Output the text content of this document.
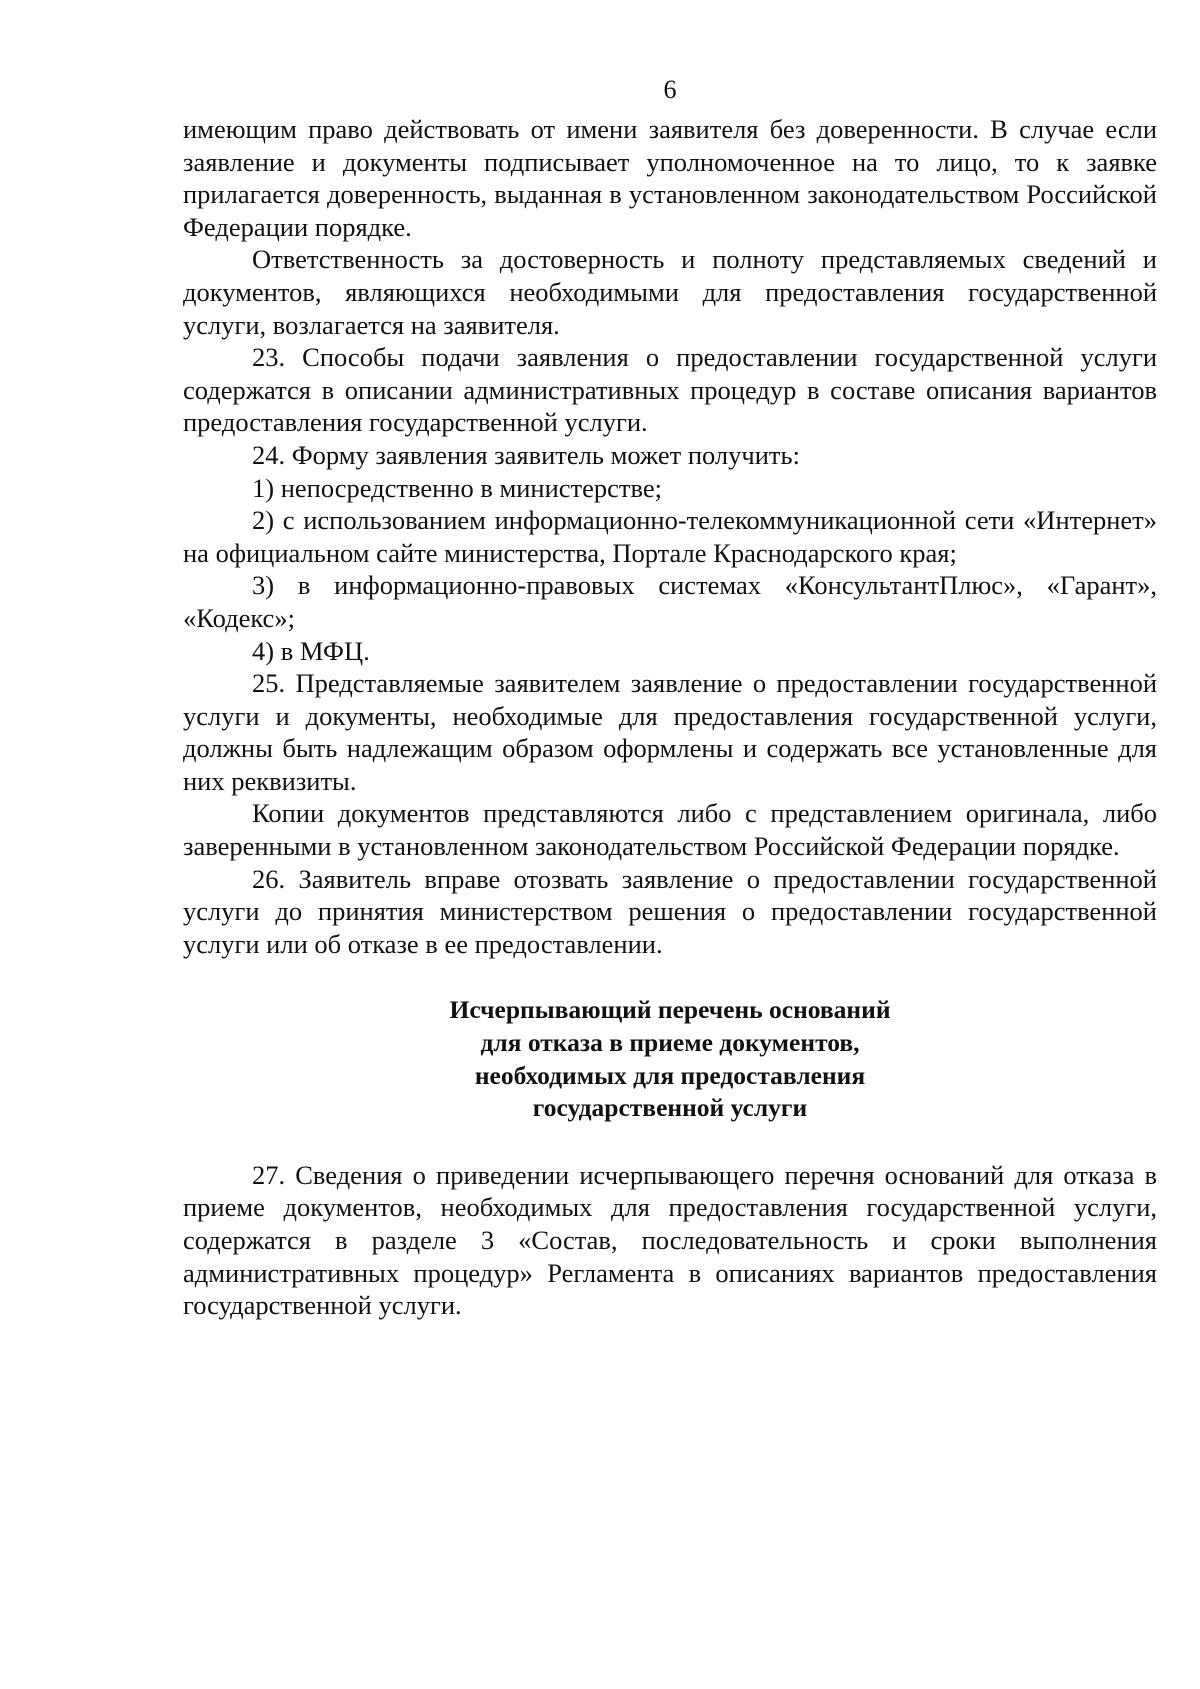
6

имеющим право действовать от имени заявителя без доверенности. В случае если заявление и документы подписывает уполномоченное на то лицо, то к заявке прилагается доверенность, выданная в установленном законодательством Российской Федерации порядке.

Ответственность за достоверность и полноту представляемых сведений и документов, являющихся необходимыми для предоставления государственной услуги, возлагается на заявителя.

23. Способы подачи заявления о предоставлении государственной услуги содержатся в описании административных процедур в составе описания вариантов предоставления государственной услуги.

24. Форму заявления заявитель может получить:

1) непосредственно в министерстве;

2) с использованием информационно-телекоммуникационной сети «Интернет» на официальном сайте министерства, Портале Краснодарского края;

3) в информационно-правовых системах «КонсультантПлюс», «Гарант», «Кодекс»;

4) в МФЦ.

25. Представляемые заявителем заявление о предоставлении государственной услуги и документы, необходимые для предоставления государственной услуги, должны быть надлежащим образом оформлены и содержать все установленные для них реквизиты.

Копии документов представляются либо с представлением оригинала, либо заверенными в установленном законодательством Российской Федерации порядке.

26. Заявитель вправе отозвать заявление о предоставлении государственной услуги до принятия министерством решения о предоставлении государственной услуги или об отказе в ее предоставлении.

Исчерпывающий перечень оснований
для отказа в приеме документов,
необходимых для предоставления
государственной услуги

27. Сведения о приведении исчерпывающего перечня оснований для отказа в приеме документов, необходимых для предоставления государственной услуги, содержатся в разделе 3 «Состав, последовательность и сроки выполнения административных процедур» Регламента в описаниях вариантов предоставления государственной услуги.
